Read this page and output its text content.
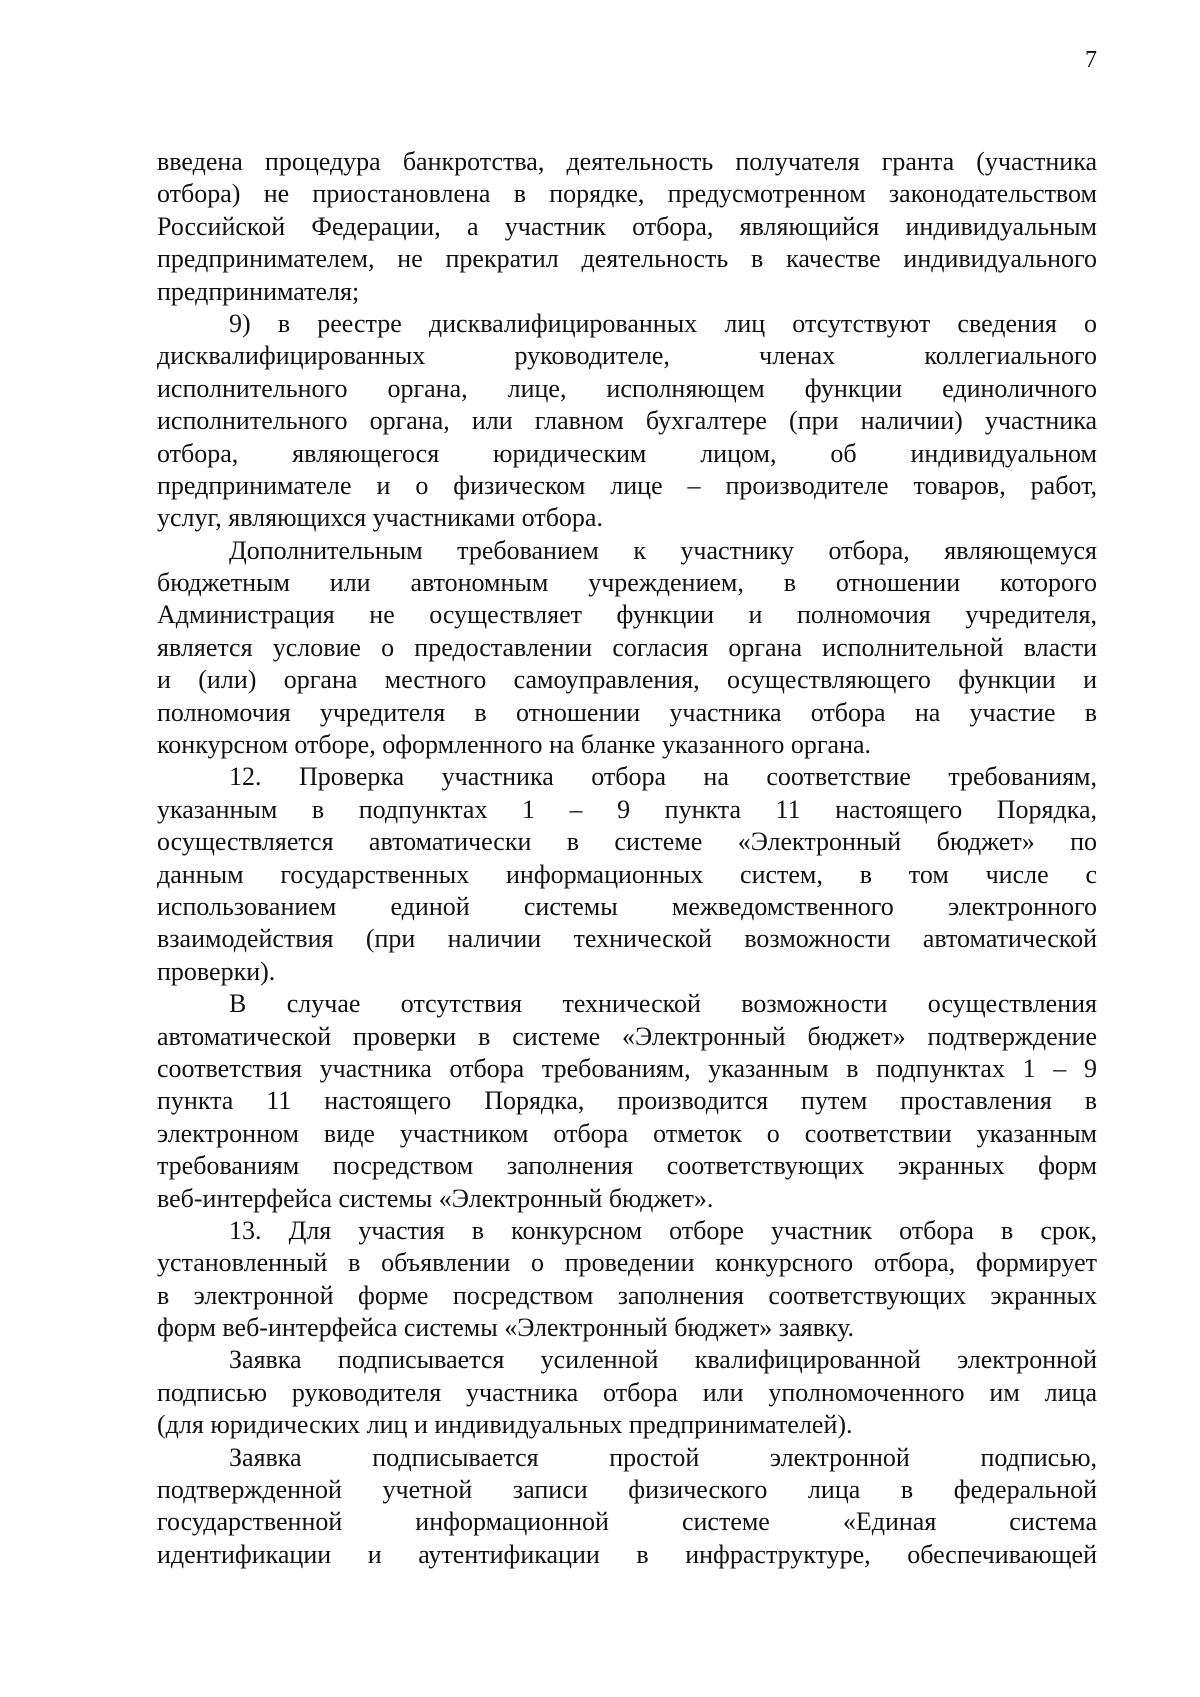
7
введена процедура банкротства, деятельность получателя гранта (участника
отбора) не приостановлена в порядке, предусмотренном законодательством
Российской Федерации, а участник отбора, являющийся индивидуальным
предпринимателем, не прекратил деятельность в качестве индивидуального
предпринимателя;
9) в реестре дисквалифицированных лиц отсутствуют сведения о
дисквалифицированных руководителе, членах коллегиального
исполнительного органа, лице, исполняющем функции единоличного
исполнительного органа, или главном бухгалтере (при наличии) участника
отбора, являющегося юридическим лицом, об индивидуальном
предпринимателе и о физическом лице – производителе товаров, работ,
услуг, являющихся участниками отбора.
Дополнительным требованием к участнику отбора, являющемуся
бюджетным или автономным учреждением, в отношении которого
Администрация не осуществляет функции и полномочия учредителя,
является условие о предоставлении согласия органа исполнительной власти
и (или) органа местного самоуправления, осуществляющего функции и
полномочия учредителя в отношении участника отбора на участие в
конкурсном отборе, оформленного на бланке указанного органа.
12. Проверка участника отбора на соответствие требованиям,
указанным в подпунктах 1 – 9 пункта 11 настоящего Порядка,
осуществляется автоматически в системе «Электронный бюджет» по
данным государственных информационных систем, в том числе с
использованием единой системы межведомственного электронного
взаимодействия (при наличии технической возможности автоматической
проверки).
В случае отсутствия технической возможности осуществления
автоматической проверки в системе «Электронный бюджет» подтверждение
соответствия участника отбора требованиям, указанным в подпунктах 1 – 9
пункта 11 настоящего Порядка, производится путем проставления в
электронном виде участником отбора отметок о соответствии указанным
требованиям посредством заполнения соответствующих экранных форм
веб-интерфейса системы «Электронный бюджет».
13. Для участия в конкурсном отборе участник отбора в срок,
установленный в объявлении о проведении конкурсного отбора, формирует
в электронной форме посредством заполнения соответствующих экранных
форм веб-интерфейса системы «Электронный бюджет» заявку.
Заявка подписывается усиленной квалифицированной электронной
подписью руководителя участника отбора или уполномоченного им лица
(для юридических лиц и индивидуальных предпринимателей).
Заявка подписывается простой электронной подписью,
подтвержденной учетной записи физического лица в федеральной
государственной информационной системе «Единая система
идентификации и аутентификации в инфраструктуре, обеспечивающей
